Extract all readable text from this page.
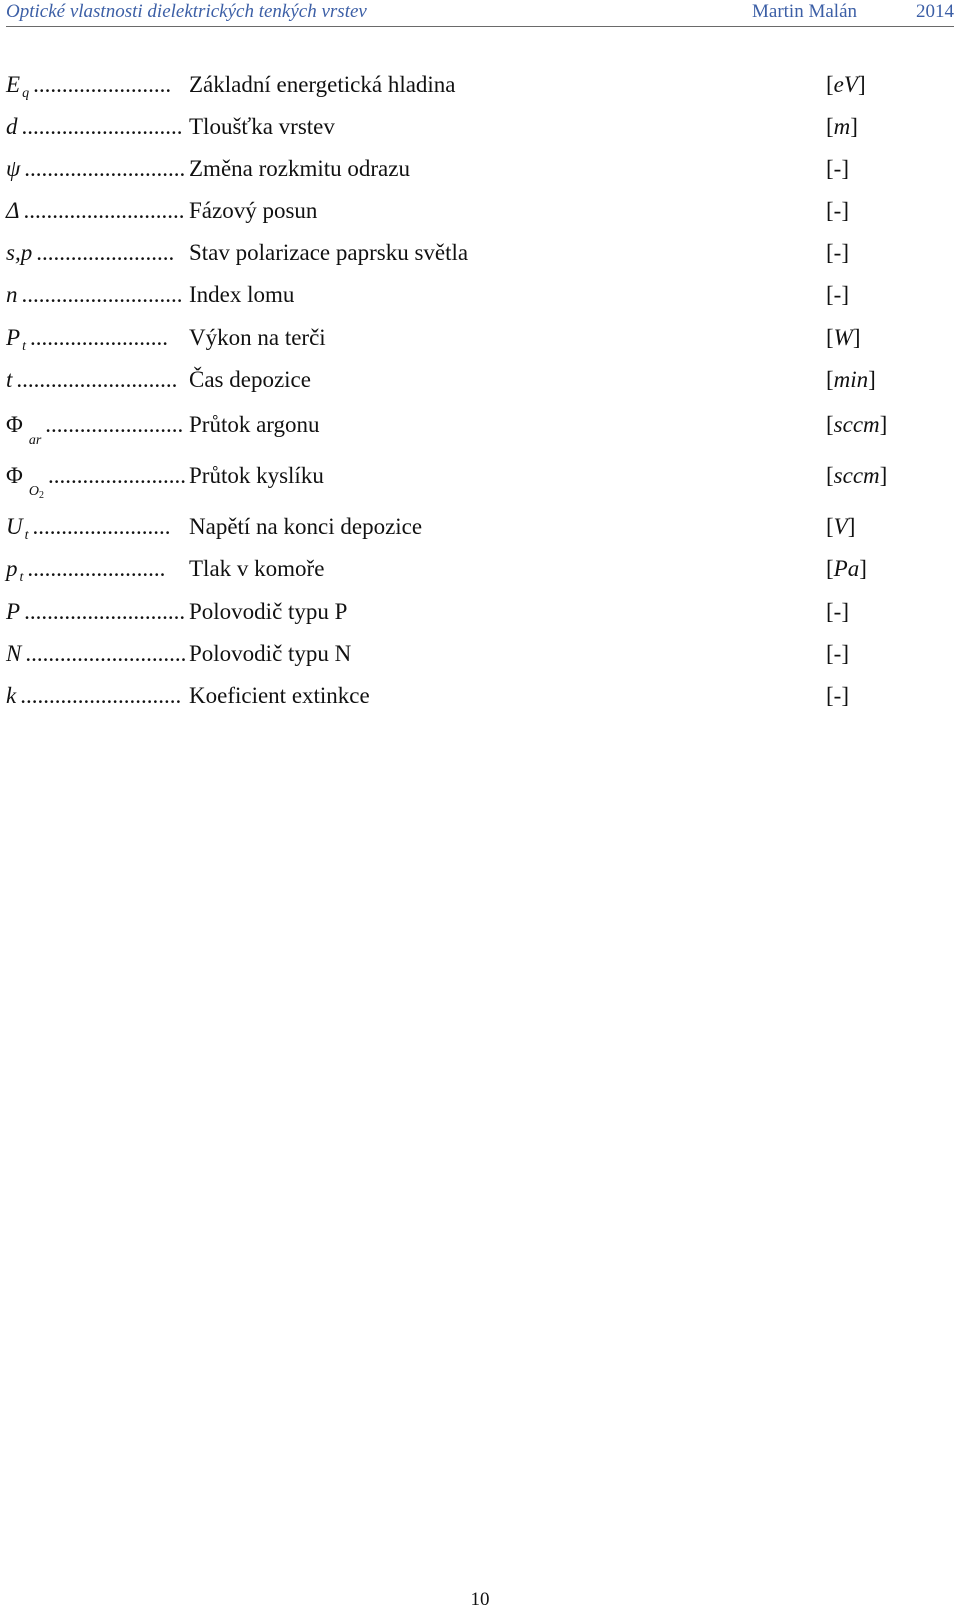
Optické vlastnosti dielektrických tenkých vrstev	Martin Malán	2014
E $_q$ ........................ Základní energetická hladina	[eV]
d ............................ Tloušťka vrstev	[m]
ψ ............................ Změna rozkmitu odrazu	[-]
Δ ............................ Fázový posun	[-]
s,p ........................ Stav polarizace paprsku světla	[-]
n ............................ Index lomu	[-]
P $_t$ ........................ Výkon na terči	[W]
t ............................ Čas depozice	[min]
$\Phi_{ar}$........................ Průtok argonu	[sccm]
$\Phi_{O_2}$........................ Průtok kyslíku	[sccm]
U $_t$ ........................ Napětí na konci depozice	[V]
p $_t$ ........................ Tlak v komoře	[Pa]
P ............................ Polovodič typu P	[-]
N ............................ Polovodič typu N	[-]
k ............................ Koeficient extinkce	[-]
10
